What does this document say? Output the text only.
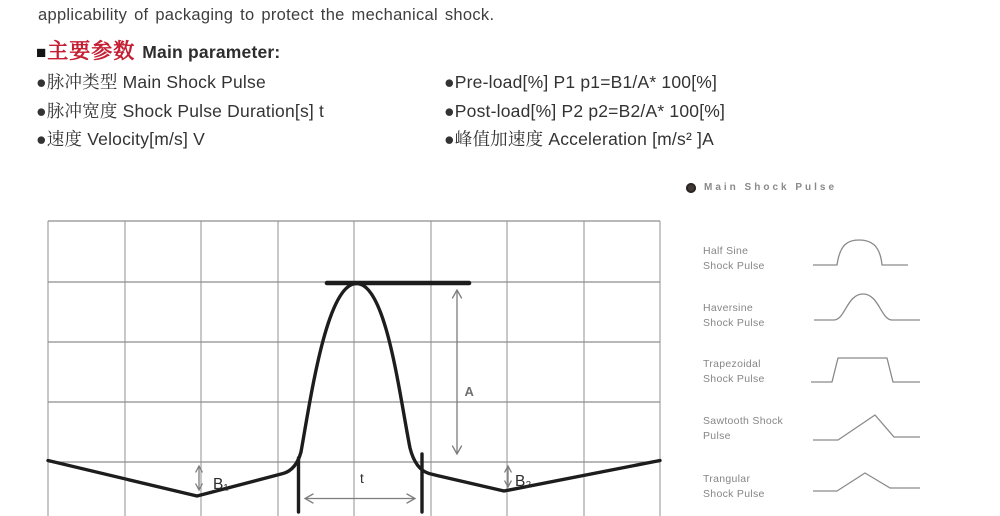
applicability of packaging to protect the mechanical shock.
■ 主要参数 Main parameter:
●脉冲类型 Main Shock Pulse
●脉冲宽度 Shock Pulse Duration[s] t
●速度 Velocity[m/s] V
●Pre-load[%] P1 p1=B1/A* 100[%]
●Post-load[%] P2 p2=B2/A* 100[%]
●峰值加速度 Acceleration [m/s² ]A
A
B₁	B₂
t
Main Shock Pulse
Half Sine
Shock Pulse
Haversine
Shock Pulse
Trapezoidal
Shock Pulse
Sawtooth Shock
Pulse
Trangular
Shock Pulse
